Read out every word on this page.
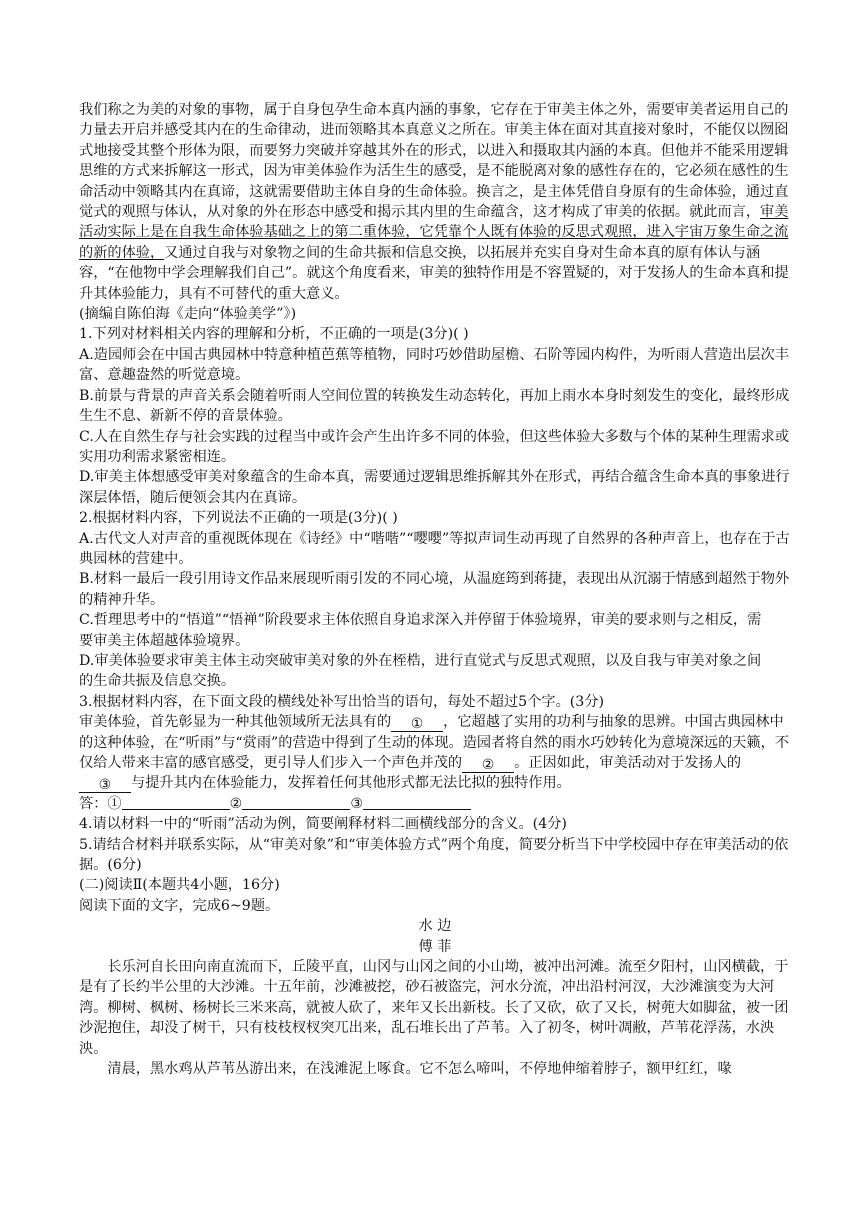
我们称之为美的对象的事物，属于自身包孕生命本真内涵的事象，它存在于审美主体之外，需要审美者运用自己的力量去开启并感受其内在的生命律动，进而领略其本真意义之所在。审美主体在面对其直接对象时，不能仅以囫囵式地接受其整个形体为限，而要努力突破并穿越其外在的形式，以进入和摄取其内涵的本真。但他并不能采用逻辑思维的方式来拆解这一形式，因为审美体验作为活生生的感受，是不能脱离对象的感性存在的，它必须在感性的生命活动中领略其内在真谛，这就需要借助主体自身的生命体验。换言之，是主体凭借自身原有的生命体验，通过直觉式的观照与体认，从对象的外在形态中感受和揭示其内里的生命蕴含，这才构成了审美的依据。就此而言，审美活动实际上是在自我生命体验基础之上的第二重体验，它凭靠个人既有体验的反思式观照，进入宇宙万象生命之流的新的体验，又通过自我与对象物之间的生命共振和信息交换，以拓展并充实自身对生命本真的原有体认与涵容，“在他物中学会理解我们自己”。就这个角度看来，审美的独特作用是不容置疑的，对于发扬人的生命本真和提升其体验能力，具有不可替代的重大意义。

(摘编自陈伯海《走向“体验美学”》)

1.下列对材料相关内容的理解和分析，不正确的一项是(3分)( )

A.造园师会在中国古典园林中特意种植芭蕉等植物，同时巧妙借助屋檐、石阶等园内构件，为听雨人营造出层次丰富、意趣盎然的听觉意境。

B.前景与背景的声音关系会随着听雨人空间位置的转换发生动态转化，再加上雨水本身时刻发生的变化，最终形成生生不息、新新不停的音景体验。

C.人在自然生存与社会实践的过程当中或许会产生出许多不同的体验，但这些体验大多数与个体的某种生理需求或实用功利需求紧密相连。

D.审美主体想感受审美对象蕴含的生命本真，需要通过逻辑思维拆解其外在形式，再结合蕴含生命本真的事象进行深层体悟，随后便领会其内在真谛。

2.根据材料内容，下列说法不正确的一项是(3分)( )

A.古代文人对声音的重视既体现在《诗经》中“喈喈”“嘤嘤”等拟声词生动再现了自然界的各种声音上，也存在于古典园林的营建中。

B.材料一最后一段引用诗文作品来展现听雨引发的不同心境，从温庭筠到蒋捷，表现出从沉溺于情感到超然于物外的精神升华。

C.哲理思考中的“悟道”“悟禅”阶段要求主体依照自身追求深入并停留于体验境界，审美的要求则与之相反，需

要审美主体超越体验境界。

D.审美体验要求审美主体主动突破审美对象的外在桎梏，进行直觉式与反思式观照，以及自我与审美对象之间

的生命共振及信息交换。

3.根据材料内容，在下面文段的横线处补写出恰当的语句，每处不超过5个字。(3分)

审美体验，首先彰显为一种其他领域所无法具有的 ① ，它超越了实用的功利与抽象的思辨。中国古典园林中的这种体验，在“听雨”与“赏雨”的营造中得到了生动的体现。造园者将自然的雨水巧妙转化为意境深远的天籁，不仅给人带来丰富的感官感受，更引导人们步入一个声色并茂的 ② 。正因如此，审美活动对于发扬人的③ 与提升其内在体验能力，发挥着任何其他形式都无法比拟的独特作用。

答：①	②	③

4.请以材料一中的“听雨”活动为例，简要阐释材料二画横线部分的含义。(4分)

5.请结合材料并联系实际，从“审美对象”和“审美体验方式”两个角度，简要分析当下中学校园中存在审美活动的依据。(6分)

(二)阅读Ⅱ(本题共4小题，16分)

阅读下面的文字，完成6~9题。

水 边

傅 菲

长乐河自长田向南直流而下，丘陵平直，山冈与山冈之间的小山坳，被冲出河滩。流至夕阳村，山冈横截，于是有了长约半公里的大沙滩。十五年前，沙滩被挖，砂石被盗完，河水分流，冲出沿村河汊，大沙滩演变为大河湾。柳树、枫树、杨树长三米来高，就被人砍了，来年又长出新枝。长了又砍，砍了又长，树蔸大如脚盆，被一团沙泥抱住，却没了树干，只有枝枝杈杈突兀出来，乱石堆长出了芦苇。入了初冬，树叶凋敝，芦苇花浮荡，水泱泱。

清晨，黑水鸡从芦苇丛游出来，在浅滩泥上啄食。它不怎么啼叫，不停地伸缩着脖子，额甲红红，喙
